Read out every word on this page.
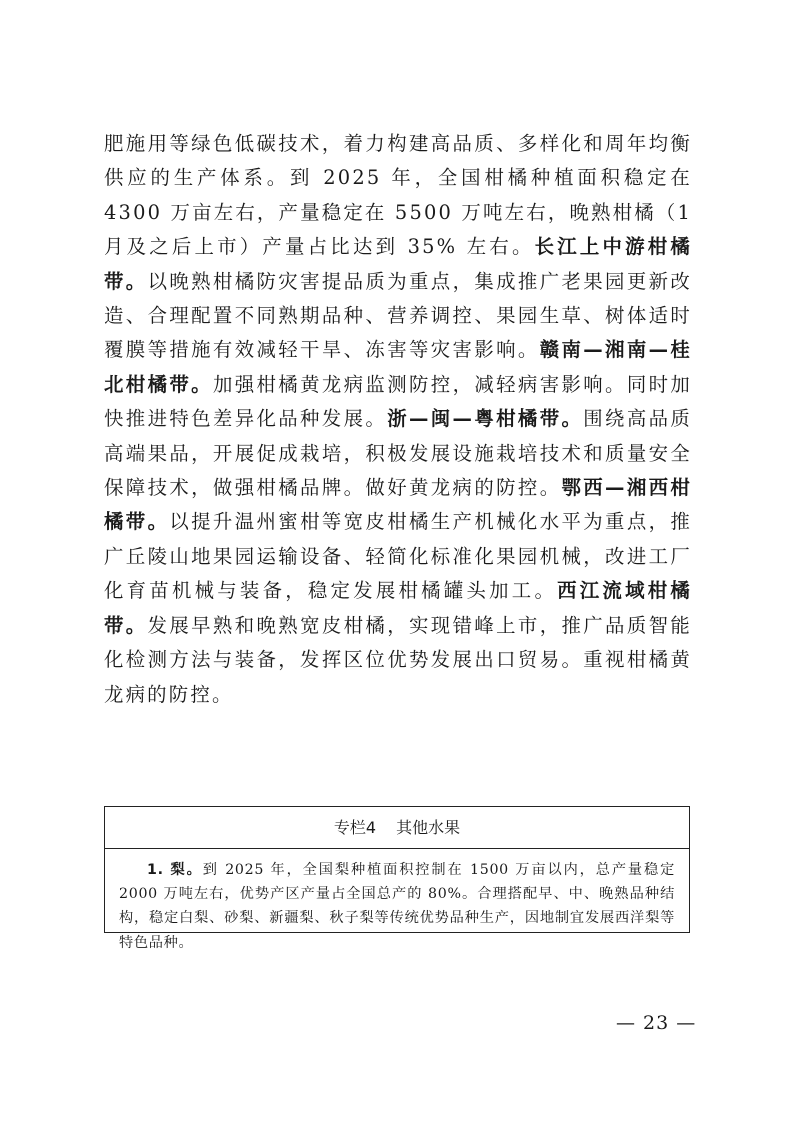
肥施用等绿色低碳技术，着力构建高品质、多样化和周年均衡供应的生产体系。到 2025 年，全国柑橘种植面积稳定在 4300 万亩左右，产量稳定在 5500 万吨左右，晚熟柑橘（1 月及之后上市）产量占比达到 35% 左右。长江上中游柑橘带。以晚熟柑橘防灾害提品质为重点，集成推广老果园更新改造、合理配置不同熟期品种、营养调控、果园生草、树体适时覆膜等措施有效减轻干旱、冻害等灾害影响。赣南—湘南—桂北柑橘带。加强柑橘黄龙病监测防控，减轻病害影响。同时加快推进特色差异化品种发展。浙—闽—粤柑橘带。围绕高品质高端果品，开展促成栽培，积极发展设施栽培技术和质量安全保障技术，做强柑橘品牌。做好黄龙病的防控。鄂西—湘西柑橘带。以提升温州蜜柑等宽皮柑橘生产机械化水平为重点，推广丘陵山地果园运输设备、轻简化标准化果园机械，改进工厂化育苗机械与装备，稳定发展柑橘罐头加工。西江流域柑橘带。发展早熟和晚熟宽皮柑橘，实现错峰上市，推广品质智能化检测方法与装备，发挥区位优势发展出口贸易。重视柑橘黄龙病的防控。

专栏4 其他水果
1. 梨。到 2025 年，全国梨种植面积控制在 1500 万亩以内，总产量稳定 2000 万吨左右，优势产区产量占全国总产的 80%。合理搭配早、中、晚熟品种结构，稳定白梨、砂梨、新疆梨、秋子梨等传统优势品种生产，因地制宜发展西洋梨等特色品种。
— 23 —
